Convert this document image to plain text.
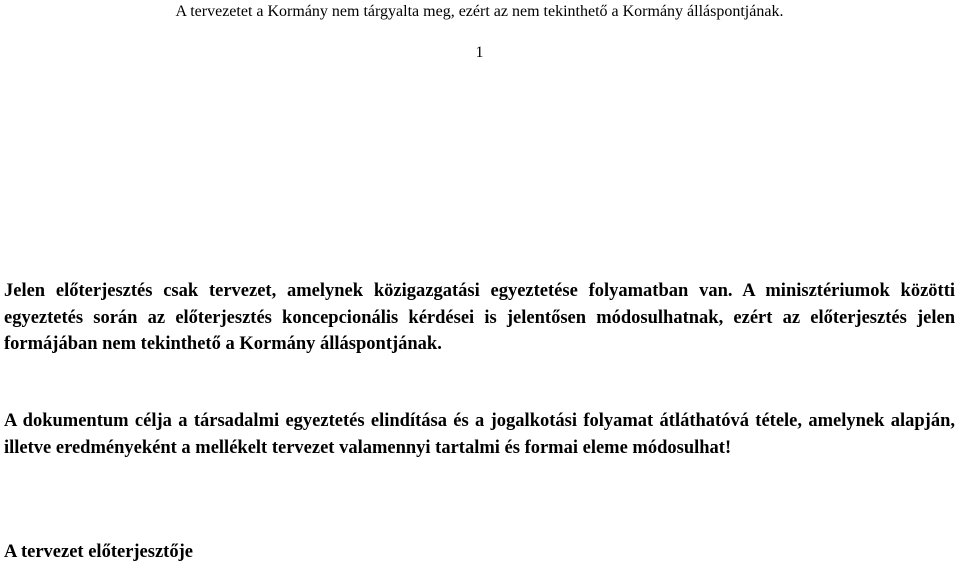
A tervezetet a Kormány nem tárgyalta meg, ezért az nem tekinthető a Kormány álláspontjának.
1

Jelen előterjesztés csak tervezet, amelynek közigazgatási egyeztetése folyamatban van. A minisztériumok közötti egyeztetés során az előterjesztés koncepcionális kérdései is jelentősen módosulhatnak, ezért az előterjesztés jelen formájában nem tekinthető a Kormány álláspontjának.

A dokumentum célja a társadalmi egyeztetés elindítása és a jogalkotási folyamat átláthatóvá tétele, amelynek alapján, illetve eredményeként a mellékelt tervezet valamennyi tartalmi és formai eleme módosulhat!

A tervezet előterjesztője
